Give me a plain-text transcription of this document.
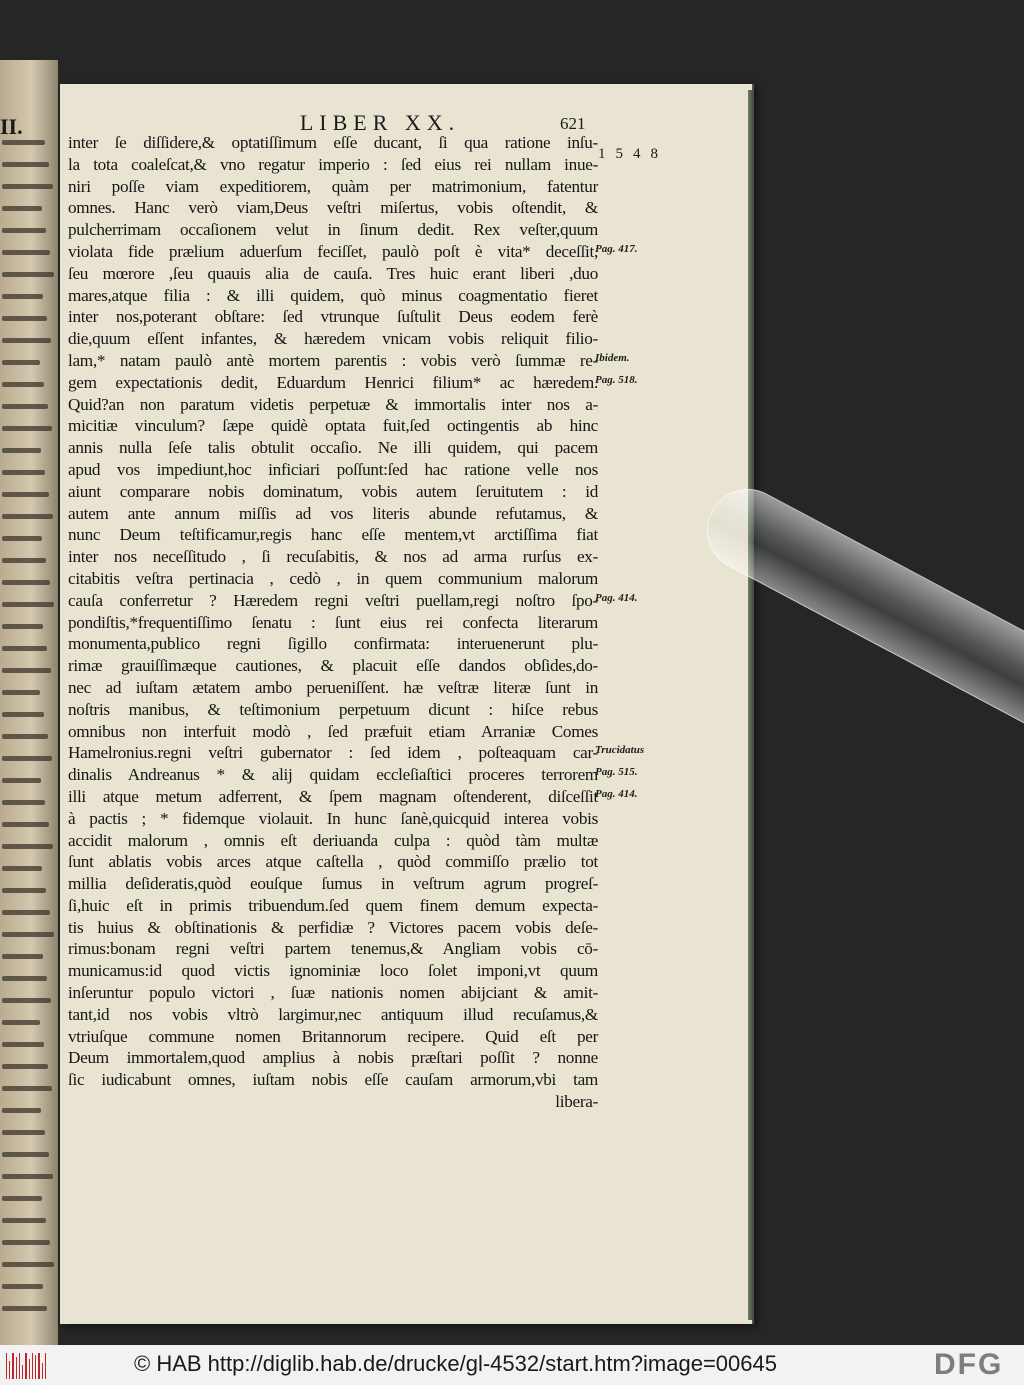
II.	LIBER XX.	621
1548
inter ſe diſſidere,& optatiſſimum eſſe ducant, ſi qua ratione inſu-
la tota coaleſcat,& vno regatur imperio : ſed eius rei nullam inue-
niri poſſe viam expeditiorem, quàm per matrimonium, fatentur
omnes. Hanc verò viam,Deus veſtri miſertus, vobis oſtendit, &
pulcherrimam occaſionem velut in ſinum dedit. Rex veſter,quum
violata fide prælium aduerſum feciſſet, paulò poſt è vita* deceſſit,
ſeu mœrore ,ſeu quauis alia de cauſa. Tres huic erant liberi ,duo
mares,atque filia : & illi quidem, quò minus coagmentatio fieret
inter nos,poterant obſtare: ſed vtrunque ſuſtulit Deus eodem ferè
die,quum eſſent infantes, & hæredem vnicam vobis reliquit filio-
lam,* natam paulò antè mortem parentis : vobis verò ſummæ re-
gem expectationis dedit, Eduardum Henrici filium* ac hæredem.
Quid?an non paratum videtis perpetuæ & immortalis inter nos a-
micitiæ vinculum? ſæpe quidè optata fuit,ſed octingentis ab hinc
annis nulla ſeſe talis obtulit occaſio. Ne illi quidem, qui pacem
apud vos impediunt,hoc inficiari poſſunt:ſed hac ratione velle nos
aiunt comparare nobis dominatum, vobis autem ſeruitutem : id
autem ante annum miſſis ad vos literis abunde refutamus, &
nunc Deum teſtificamur,regis hanc eſſe mentem,vt arctiſſima fiat
inter nos neceſſitudo , ſi recuſabitis, & nos ad arma rurſus ex-
citabitis veſtra pertinacia , cedò , in quem communium malorum
cauſa conferretur ? Hæredem regni veſtri puellam,regi noſtro ſpo-
pondiſtis,*frequentiſſimo ſenatu : ſunt eius rei confecta literarum
monumenta,publico regni ſigillo confirmata: interuenerunt plu-
rimæ grauiſſimæque cautiones, & placuit eſſe dandos obſides,do-
nec ad iuſtam ætatem ambo perueniſſent. hæ veſtræ literæ ſunt in
noſtris manibus, & teſtimonium perpetuum dicunt : hiſce rebus
omnibus non interfuit modò , ſed præfuit etiam Arraniæ Comes
Hamelronius.regni veſtri gubernator : ſed idem , poſteaquam car-
dinalis Andreanus * & alij quidam eccleſiaſtici proceres terrorem
illi atque metum adferrent, & ſpem magnam oſtenderent, diſceſſit
à pactis ; * fidemque violauit. In hunc ſanè,quicquid interea vobis
accidit malorum , omnis eſt deriuanda culpa : quòd tàm multæ
ſunt ablatis vobis arces atque caſtella , quòd commiſſo prælio tot
millia deſideratis,quòd eouſque ſumus in veſtrum agrum progreſ-
ſi,huic eſt in primis tribuendum.ſed quem finem demum expecta-
tis huius & obſtinationis & perfidiæ ? Victores pacem vobis deſe-
rimus:bonam regni veſtri partem tenemus,& Angliam vobis cō-
municamus:id quod victis ignominiæ loco ſolet imponi,vt quum
inſeruntur populo victori , ſuæ nationis nomen abijciant & amit-
tant,id nos vobis vltrò largimur,nec antiquum illud recuſamus,&
vtriuſque commune nomen Britannorum recipere. Quid eſt per
Deum immortalem,quod amplius à nobis præſtari poſſit ? nonne
ſic iudicabunt omnes, iuſtam nobis eſſe cauſam armorum,vbi tam
libera-
Pag. 417.
Ibidem.
Pag. 518.
Pag. 414.
Trucidatus
Pag. 515.
Pag. 414.
© HAB http://diglib.hab.de/drucke/gl-4532/start.htm?image=00645	DFG
